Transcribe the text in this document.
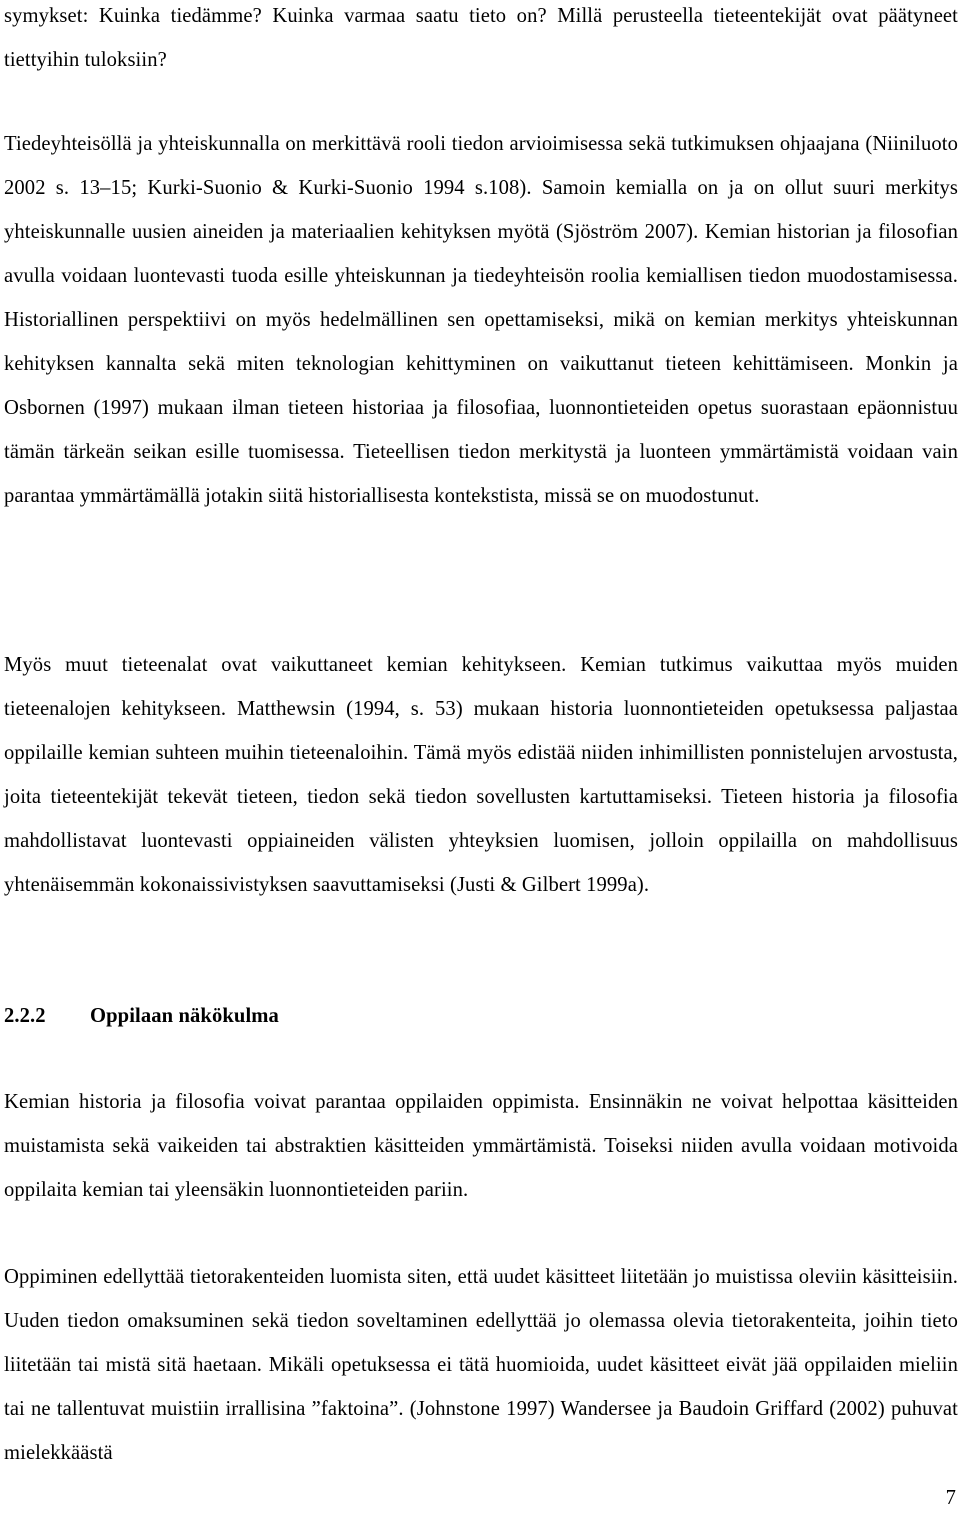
symykset: Kuinka tiedämme? Kuinka varmaa saatu tieto on? Millä perusteella tieteentekijät ovat päätyneet tiettyihin tuloksiin?

Tiedeyhteisöllä ja yhteiskunnalla on merkittävä rooli tiedon arvioimisessa sekä tutkimuksen ohjaajana (Niiniluoto 2002 s. 13–15; Kurki-Suonio & Kurki-Suonio 1994 s.108). Samoin kemialla on ja on ollut suuri merkitys yhteiskunnalle uusien aineiden ja materiaalien kehityksen myötä (Sjöström 2007). Kemian historian ja filosofian avulla voidaan luontevasti tuoda esille yhteiskunnan ja tiedeyhteisön roolia kemiallisen tiedon muodostamisessa. Historiallinen perspektiivi on myös hedelmällinen sen opettamiseksi, mikä on kemian merkitys yhteiskunnan kehityksen kannalta sekä miten teknologian kehittyminen on vaikuttanut tieteen kehittämiseen. Monkin ja Osbornen (1997) mukaan ilman tieteen historiaa ja filosofiaa, luonnontieteiden opetus suorastaan epäonnistuu tämän tärkeän seikan esille tuomisessa. Tieteellisen tiedon merkitystä ja luonteen ymmärtämistä voidaan vain parantaa ymmärtämällä jotakin siitä historiallisesta kontekstista, missä se on muodostunut.

Myös muut tieteenalat ovat vaikuttaneet kemian kehitykseen. Kemian tutkimus vaikuttaa myös muiden tieteenalojen kehitykseen. Matthewsin (1994, s. 53) mukaan historia luonnontieteiden opetuksessa paljastaa oppilaille kemian suhteen muihin tieteenaloihin. Tämä myös edistää niiden inhimillisten ponnistelujen arvostusta, joita tieteentekijät tekevät tieteen, tiedon sekä tiedon sovellusten kartuttamiseksi. Tieteen historia ja filosofia mahdollistavat luontevasti oppiaineiden välisten yhteyksien luomisen, jolloin oppilailla on mahdollisuus yhtenäisemmän kokonaissivistyksen saavuttamiseksi (Justi & Gilbert 1999a).

2.2.2 Oppilaan näkökulma

Kemian historia ja filosofia voivat parantaa oppilaiden oppimista. Ensinnäkin ne voivat helpottaa käsitteiden muistamista sekä vaikeiden tai abstraktien käsitteiden ymmärtämistä. Toiseksi niiden avulla voidaan motivoida oppilaita kemian tai yleensäkin luonnontieteiden pariin.

Oppiminen edellyttää tietorakenteiden luomista siten, että uudet käsitteet liitetään jo muistissa oleviin käsitteisiin. Uuden tiedon omaksuminen sekä tiedon soveltaminen edellyttää jo olemassa olevia tietorakenteita, joihin tieto liitetään tai mistä sitä haetaan. Mikäli opetuksessa ei tätä huomioida, uudet käsitteet eivät jää oppilaiden mieliin tai ne tallentuvat muistiin irrallisina ”faktoina”. (Johnstone 1997) Wandersee ja Baudoin Griffard (2002) puhuvat mielekkäästä

7
